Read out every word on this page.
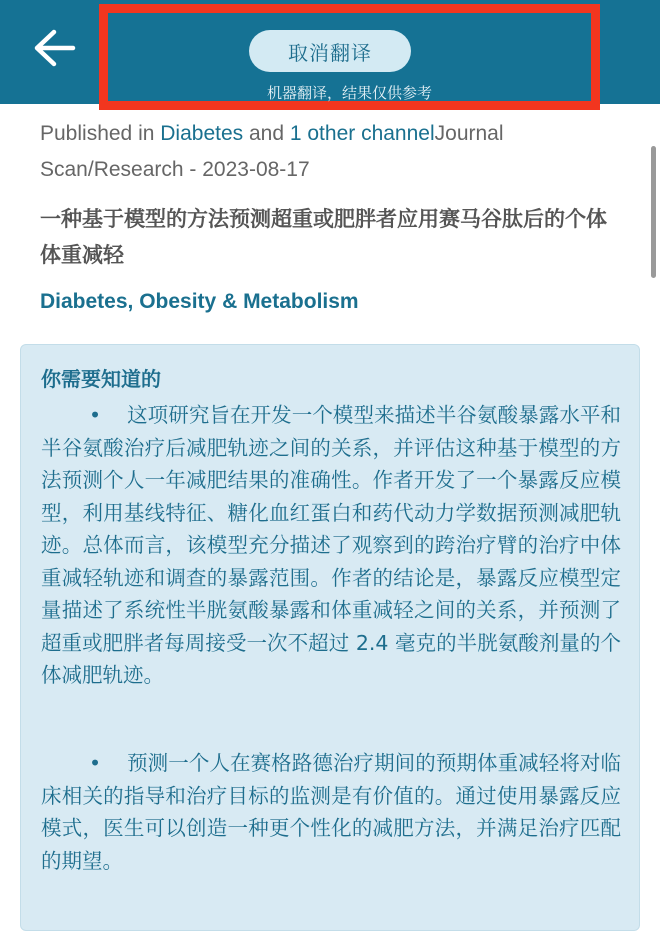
取消翻译
机器翻译，结果仅供参考
Published in Diabetes and 1 other channelJournal Scan/Research - 2023-08-17
一种基于模型的方法预测超重或肥胖者应用赛马谷肽后的个体体重减轻
Diabetes, Obesity & Metabolism
你需要知道的
• 这项研究旨在开发一个模型来描述半谷氨酸暴露水平和半谷氨酸治疗后减肥轨迹之间的关系，并评估这种基于模型的方法预测个人一年减肥结果的准确性。作者开发了一个暴露反应模型，利用基线特征、糖化血红蛋白和药代动力学数据预测减肥轨迹。总体而言，该模型充分描述了观察到的跨治疗臂的治疗中体重减轻轨迹和调查的暴露范围。作者的结论是，暴露反应模型定量描述了系统性半胱氨酸暴露和体重减轻之间的关系，并预测了超重或肥胖者每周接受一次不超过 2.4 毫克的半胱氨酸剂量的个体减肥轨迹。
• 预测一个人在赛格路德治疗期间的预期体重减轻将对临床相关的指导和治疗目标的监测是有价值的。通过使用暴露反应模式，医生可以创造一种更个性化的减肥方法，并满足治疗匹配的期望。
